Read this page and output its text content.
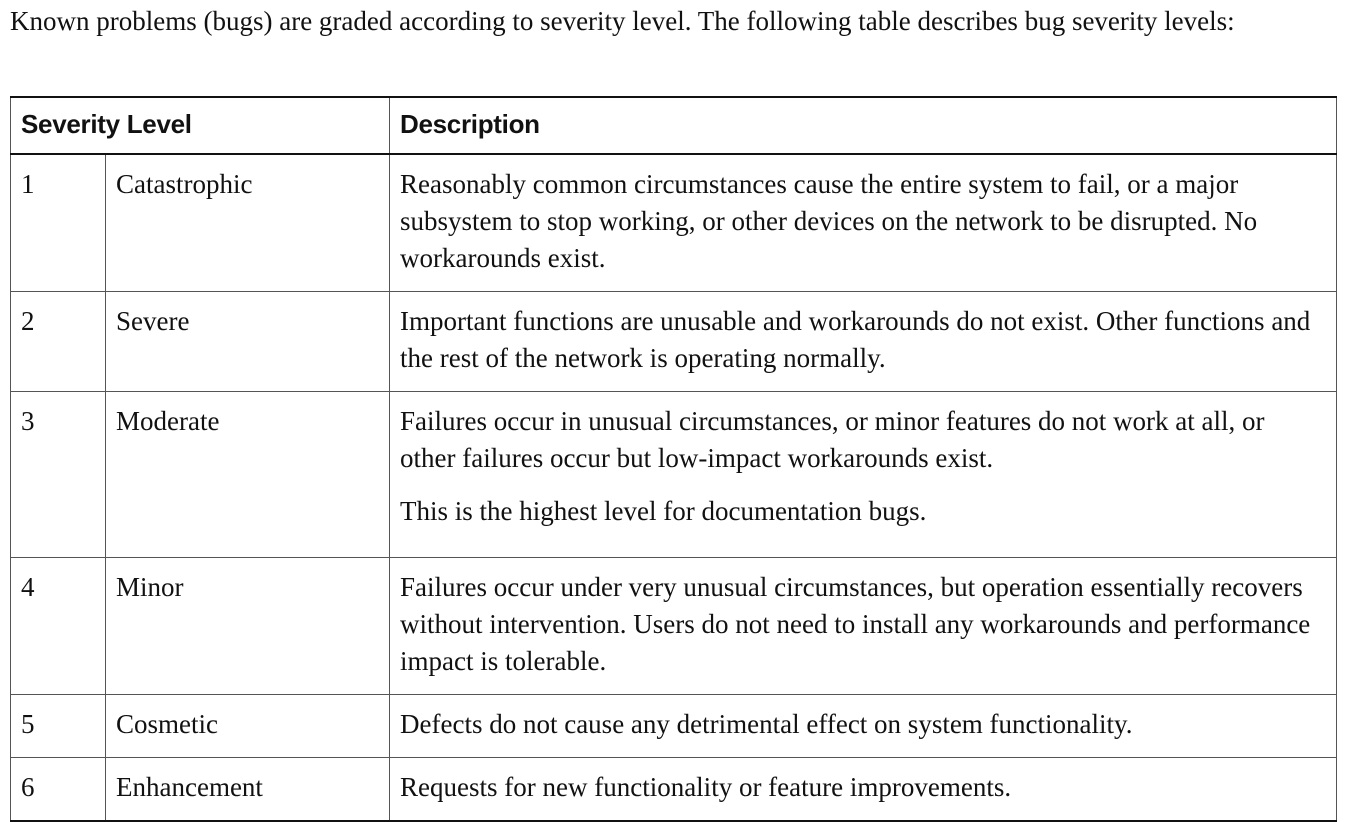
Known problems (bugs) are graded according to severity level. The following table describes bug severity levels:

Severity Level		Description
1	Catastrophic	Reasonably common circumstances cause the entire system to fail, or a major subsystem to stop working, or other devices on the network to be disrupted. No workarounds exist.

2	Severe	Important functions are unusable and workarounds do not exist. Other functions and the rest of the network is operating normally.

3	Moderate	Failures occur in unusual circumstances, or minor features do not work at all, or other failures occur but low-impact workarounds exist.

This is the highest level for documentation bugs.

4	Minor	Failures occur under very unusual circumstances, but operation essentially recovers without intervention. Users do not need to install any workarounds and performance impact is tolerable.

5	Cosmetic	Defects do not cause any detrimental effect on system functionality.

6	Enhancement	Requests for new functionality or feature improvements.
